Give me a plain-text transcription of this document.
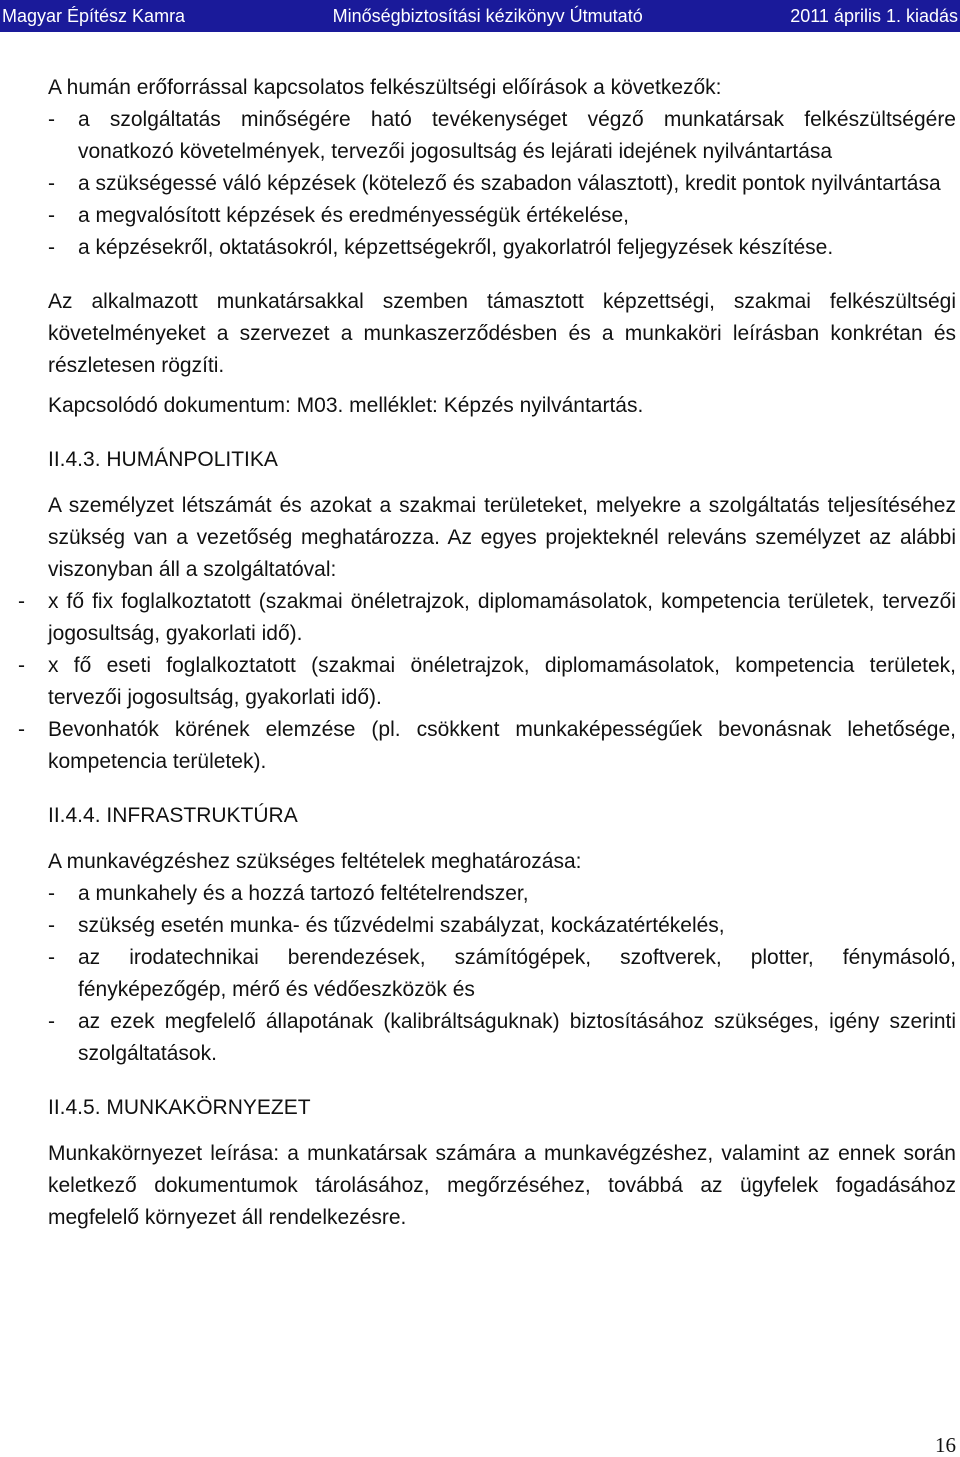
Magyar Építész Kamra	Minőségbiztosítási kézikönyv Útmutató	2011 április 1. kiadás

A humán erőforrással kapcsolatos felkészültségi előírások a következők:

- a szolgáltatás minőségére ható tevékenységet végző munkatársak felkészültségére vonatkozó követelmények, tervezői jogosultság és lejárati idejének nyilvántartása
- a szükségessé váló képzések (kötelező és szabadon választott), kredit pontok nyilvántartása
- a megvalósított képzések és eredményességük értékelése,
- a képzésekről, oktatásokról, képzettségekről, gyakorlatról feljegyzések készítése.

Az alkalmazott munkatársakkal szemben támasztott képzettségi, szakmai felkészültségi követelményeket a szervezet a munkaszerződésben és a munkaköri leírásban konkrétan és részletesen rögzíti.

Kapcsolódó dokumentum: M03. melléklet: Képzés nyilvántartás.

II.4.3. HUMÁNPOLITIKA

A személyzet létszámát és azokat a szakmai területeket, melyekre a szolgáltatás teljesítéséhez szükség van a vezetőség meghatározza. Az egyes projekteknél releváns személyzet az alábbi viszonyban áll a szolgáltatóval:

- x fő fix foglalkoztatott (szakmai önéletrajzok, diplomamásolatok, kompetencia területek, tervezői jogosultság, gyakorlati idő).
- x fő eseti foglalkoztatott (szakmai önéletrajzok, diplomamásolatok, kompetencia területek, tervezői jogosultság, gyakorlati idő).
- Bevonhatók körének elemzése (pl. csökkent munkaképességűek bevonásnak lehetősége, kompetencia területek).

II.4.4. INFRASTRUKTÚRA

A munkavégzéshez szükséges feltételek meghatározása:

- a munkahely és a hozzá tartozó feltételrendszer,
- szükség esetén munka- és tűzvédelmi szabályzat, kockázatértékelés,
- az irodatechnikai berendezések, számítógépek, szoftverek, plotter, fénymásoló, fényképezőgép, mérő és védőeszközök és
- az ezek megfelelő állapotának (kalibráltságuknak) biztosításához szükséges, igény szerinti szolgáltatások.

II.4.5. MUNKAKÖRNYEZET

Munkakörnyezet leírása: a munkatársak számára a munkavégzéshez, valamint az ennek során keletkező dokumentumok tárolásához, megőrzéséhez, továbbá az ügyfelek fogadásához megfelelő környezet áll rendelkezésre.

16
